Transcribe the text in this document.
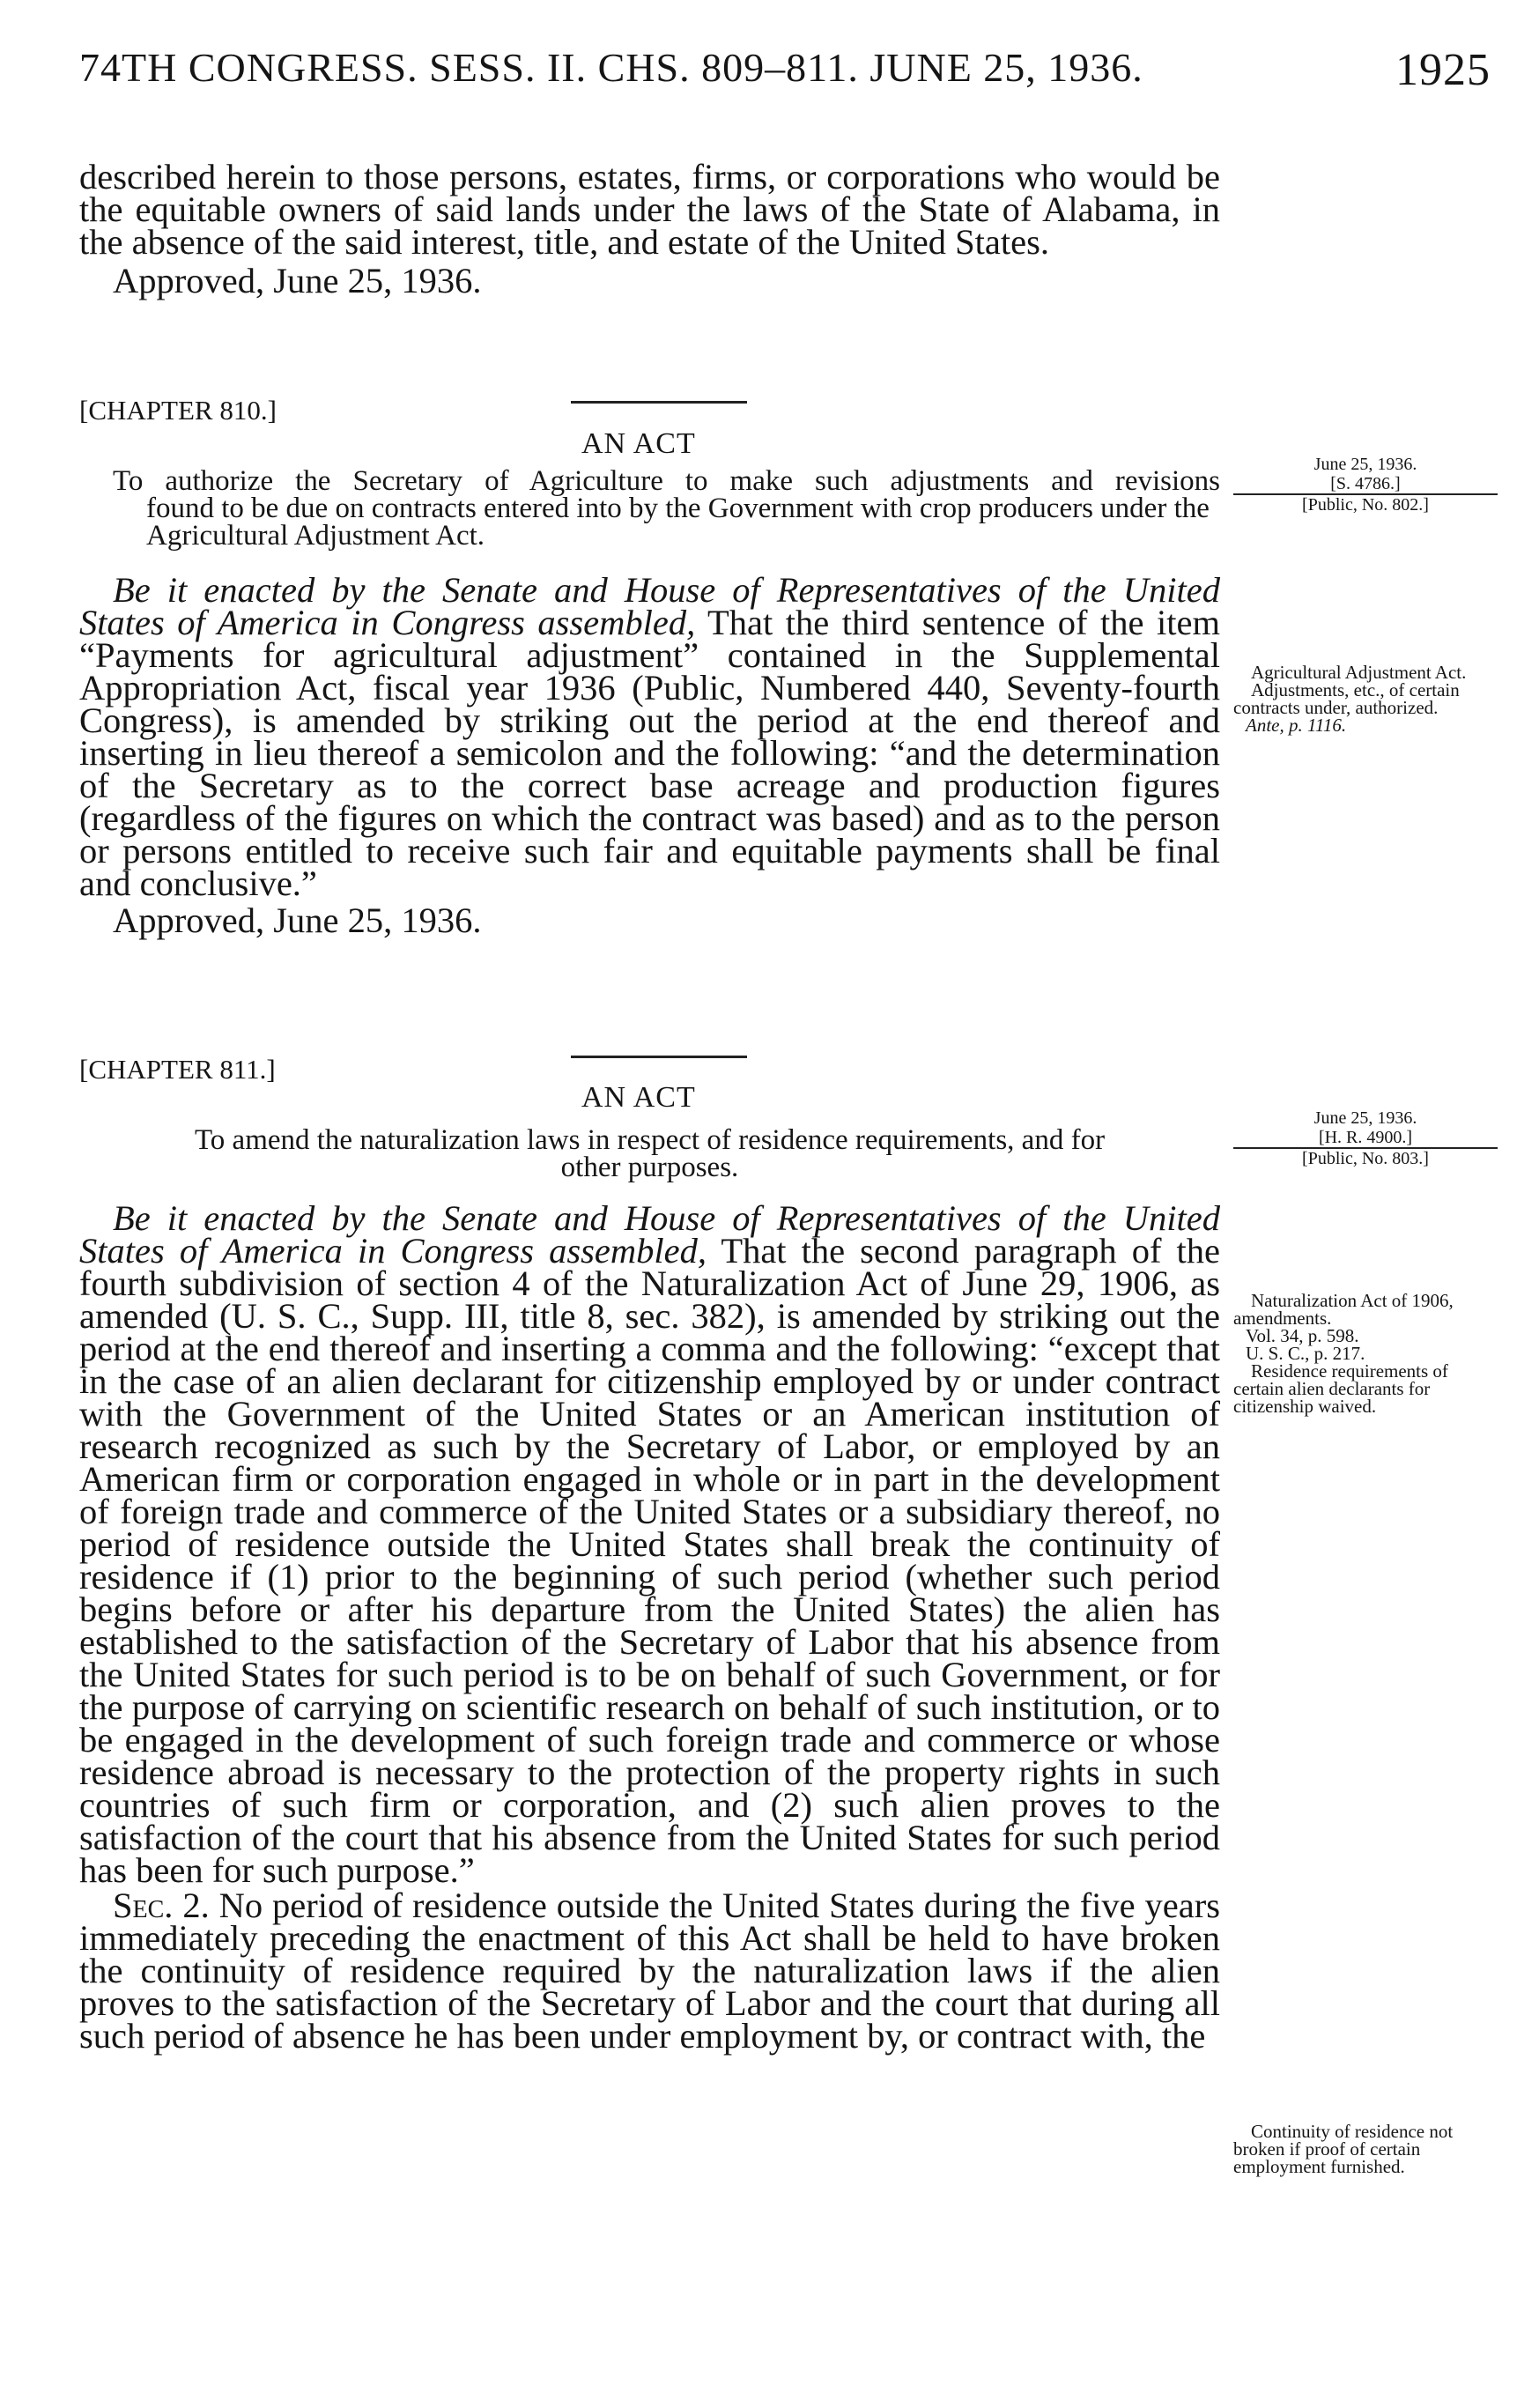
74TH CONGRESS. SESS. II. CHS. 809–811. JUNE 25, 1936.	1925

described herein to those persons, estates, firms, or corporations who would be the equitable owners of said lands under the laws of the State of Alabama, in the absence of the said interest, title, and estate of the United States.

Approved, June 25, 1936.

[CHAPTER 810.]
AN ACT
To authorize the Secretary of Agriculture to make such adjustments and revisions
found to be due on contracts entered into by the Government with crop producers under the Agricultural Adjustment Act.
June 25, 1936.
[S. 4786.]
[Public, No. 802.]

Be it enacted by the Senate and House of Representatives of the United States of America in Congress assembled, That the third sentence of the item “Payments for agricultural adjustment” contained in the Supplemental Appropriation Act, fiscal year 1936 (Public, Numbered 440, Seventy-fourth Congress), is amended by striking out the period at the end thereof and inserting in lieu thereof a semicolon and the following: “and the determination of the Secretary as to the correct base acreage and production figures (regardless of the figures on which the contract was based) and as to the person or persons entitled to receive such fair and equitable payments shall be final and conclusive.”

Approved, June 25, 1936.

Agricultural Adjustment Act.
Adjustments, etc., of certain contracts under, authorized.
Ante, p. 1116.
[CHAPTER 811.]
AN ACT
To amend the naturalization laws in respect of residence requirements, and for
other purposes.
June 25, 1936.
[H. R. 4900.]
[Public, No. 803.]

Be it enacted by the Senate and House of Representatives of the United States of America in Congress assembled, That the second paragraph of the fourth subdivision of section 4 of the Naturalization Act of June 29, 1906, as amended (U. S. C., Supp. III, title 8, sec. 382), is amended by striking out the period at the end thereof and inserting a comma and the following: “except that in the case of an alien declarant for citizenship employed by or under contract with the Government of the United States or an American institution of research recognized as such by the Secretary of Labor, or employed by an American firm or corporation engaged in whole or in part in the development of foreign trade and commerce of the United States or a subsidiary thereof, no period of residence outside the United States shall break the continuity of residence if (1) prior to the beginning of such period (whether such period begins before or after his departure from the United States) the alien has established to the satisfaction of the Secretary of Labor that his absence from the United States for such period is to be on behalf of such Government, or for the purpose of carrying on scientific research on behalf of such institution, or to be engaged in the development of such foreign trade and commerce or whose residence abroad is necessary to the protection of the property rights in such countries of such firm or corporation, and (2) such alien proves to the satisfaction of the court that his absence from the United States for such period has been for such purpose.”

Sec. 2. No period of residence outside the United States during the five years immediately preceding the enactment of this Act shall be held to have broken the continuity of residence required by the naturalization laws if the alien proves to the satisfaction of the Secretary of Labor and the court that during all such period of absence he has been under employment by, or contract with, the

Naturalization Act of 1906, amendments.
Vol. 34, p. 598.
U. S. C., p. 217.
Residence requirements of certain alien declarants for citizenship waived.
Continuity of residence not broken if proof of certain employment furnished.
